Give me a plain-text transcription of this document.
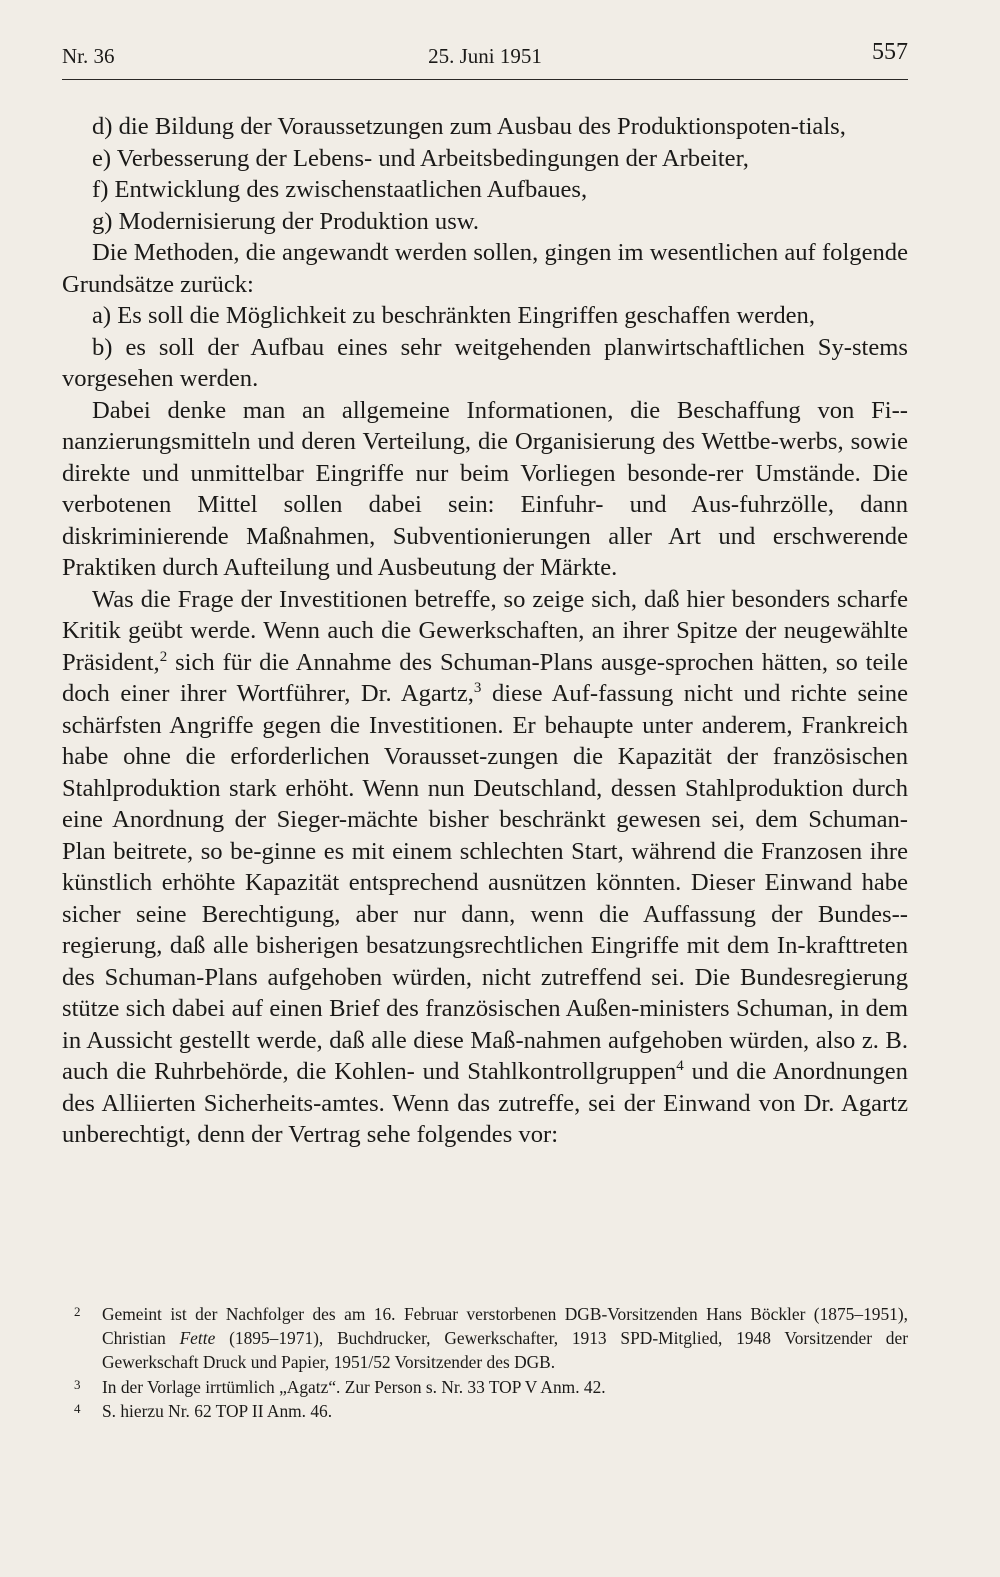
Nr. 36	25. Juni 1951	557

d) die Bildung der Voraussetzungen zum Ausbau des Produktionspoten-tials,

e) Verbesserung der Lebens- und Arbeitsbedingungen der Arbeiter,

f) Entwicklung des zwischenstaatlichen Aufbaues,

g) Modernisierung der Produktion usw.

Die Methoden, die angewandt werden sollen, gingen im wesentlichen auf folgende Grundsätze zurück:

a) Es soll die Möglichkeit zu beschränkten Eingriffen geschaffen werden,

b) es soll der Aufbau eines sehr weitgehenden planwirtschaftlichen Sy-stems vorgesehen werden.

Dabei denke man an allgemeine Informationen, die Beschaffung von Fi-nanzierungsmitteln und deren Verteilung, die Organisierung des Wettbe-werbs, sowie direkte und unmittelbar Eingriffe nur beim Vorliegen besonde-rer Umstände. Die verbotenen Mittel sollen dabei sein: Einfuhr- und Aus-fuhrzölle, dann diskriminierende Maßnahmen, Subventionierungen aller Art und erschwerende Praktiken durch Aufteilung und Ausbeutung der Märkte.

Was die Frage der Investitionen betreffe, so zeige sich, daß hier besonders scharfe Kritik geübt werde. Wenn auch die Gewerkschaften, an ihrer Spitze der neugewählte Präsident,$^2$ sich für die Annahme des Schuman-Plans ausge-sprochen hätten, so teile doch einer ihrer Wortführer, Dr. Agartz,$^3$ diese Auf-fassung nicht und richte seine schärfsten Angriffe gegen die Investitionen. Er behaupte unter anderem, Frankreich habe ohne die erforderlichen Vorausset-zungen die Kapazität der französischen Stahlproduktion stark erhöht. Wenn nun Deutschland, dessen Stahlproduktion durch eine Anordnung der Sieger-mächte bisher beschränkt gewesen sei, dem Schuman-Plan beitrete, so be-ginne es mit einem schlechten Start, während die Franzosen ihre künstlich erhöhte Kapazität entsprechend ausnützen könnten. Dieser Einwand habe sicher seine Berechtigung, aber nur dann, wenn die Auffassung der Bundes-regierung, daß alle bisherigen besatzungsrechtlichen Eingriffe mit dem In-krafttreten des Schuman-Plans aufgehoben würden, nicht zutreffend sei. Die Bundesregierung stütze sich dabei auf einen Brief des französischen Außen-ministers Schuman, in dem in Aussicht gestellt werde, daß alle diese Maß-nahmen aufgehoben würden, also z. B. auch die Ruhrbehörde, die Kohlen- und Stahlkontrollgruppen$^4$ und die Anordnungen des Alliierten Sicherheits-amtes. Wenn das zutreffe, sei der Einwand von Dr. Agartz unberechtigt, denn der Vertrag sehe folgendes vor:

2 Gemeint ist der Nachfolger des am 16. Februar verstorbenen DGB-Vorsitzenden Hans Böckler (1875–1951), Christian Fette (1895–1971), Buchdrucker, Gewerkschafter, 1913 SPD-Mitglied, 1948 Vorsitzender der Gewerkschaft Druck und Papier, 1951/52 Vorsitzender des DGB.
3 In der Vorlage irrtümlich „Agatz“. Zur Person s. Nr. 33 TOP V Anm. 42.
4 S. hierzu Nr. 62 TOP II Anm. 46.
